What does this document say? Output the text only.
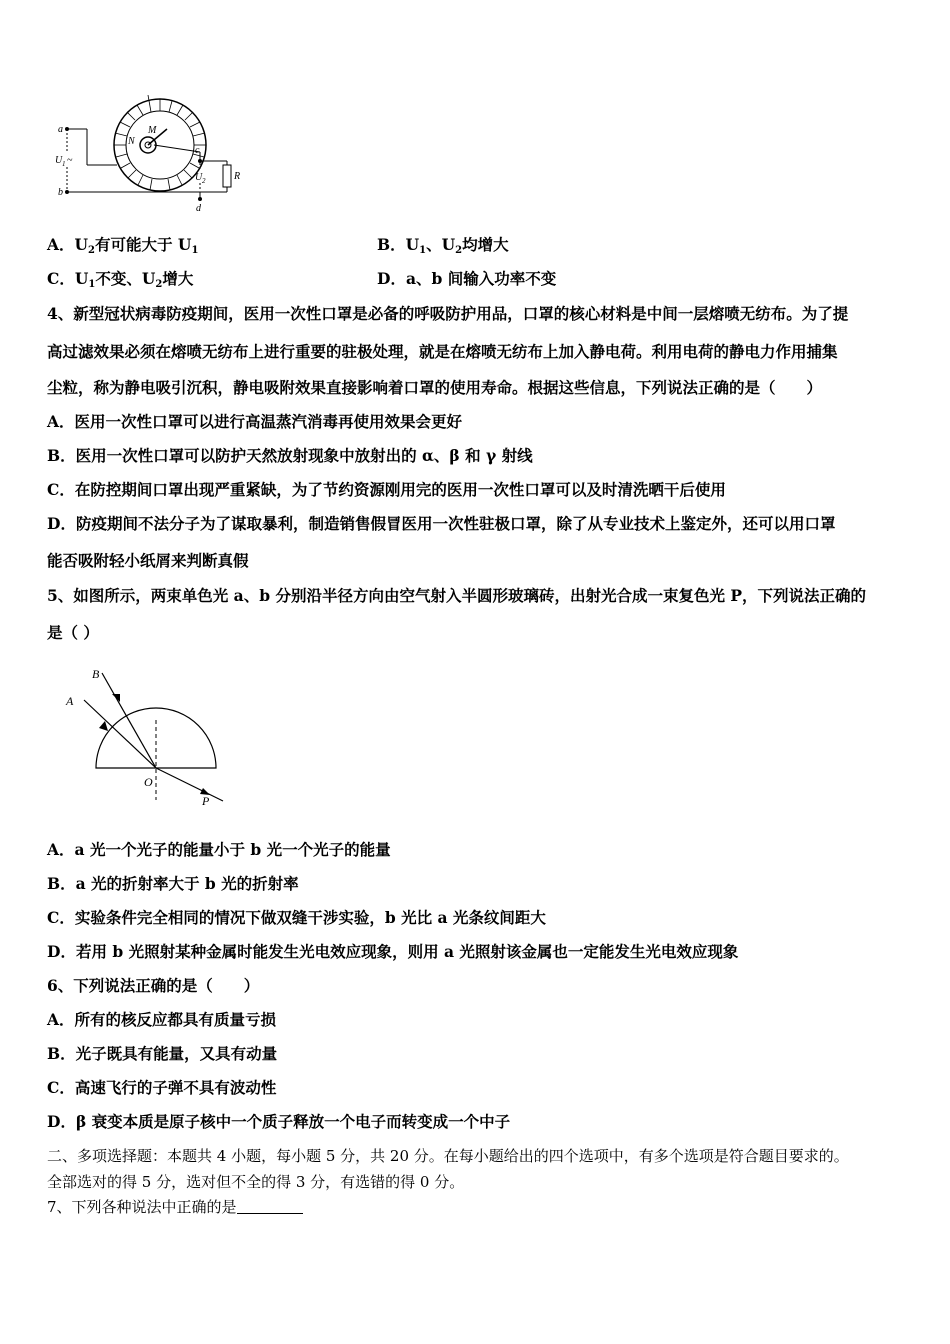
a
b
c
d
M
N
U 1 ~
U 2	R
A．$U_2$有可能大于 $U_1$	B．$U_1$、$U_2$均增大
C．$U_1$不变、$U_2$增大	D．a、b 间输入功率不变
4、新型冠状病毒防疫期间，医用一次性口罩是必备的呼吸防护用品，口罩的核心材料是中间一层熔喷无纺布。为了提
高过滤效果必须在熔喷无纺布上进行重要的驻极处理，就是在熔喷无纺布上加入静电荷。利用电荷的静电力作用捕集
尘粒，称为静电吸引沉积，静电吸附效果直接影响着口罩的使用寿命。根据这些信息，下列说法正确的是（　　）
A．医用一次性口罩可以进行高温蒸汽消毒再使用效果会更好
B．医用一次性口罩可以防护天然放射现象中放射出的 α、β 和 γ 射线
C．在防控期间口罩出现严重紧缺，为了节约资源刚用完的医用一次性口罩可以及时清洗晒干后使用
D．防疫期间不法分子为了谋取暴利，制造销售假冒医用一次性驻极口罩，除了从专业技术上鉴定外，还可以用口罩
能否吸附轻小纸屑来判断真假
5、如图所示，两束单色光 a、b 分别沿半径方向由空气射入半圆形玻璃砖，出射光合成一束复色光 P，下列说法正确的
是（ ）
B
A
O
P
A．a 光一个光子的能量小于 b 光一个光子的能量
B．a 光的折射率大于 b 光的折射率
C．实验条件完全相同的情况下做双缝干涉实验，b 光比 a 光条纹间距大
D．若用 b 光照射某种金属时能发生光电效应现象，则用 a 光照射该金属也一定能发生光电效应现象
6、下列说法正确的是（　　）
A．所有的核反应都具有质量亏损
B．光子既具有能量，又具有动量
C．高速飞行的子弹不具有波动性
D．β 衰变本质是原子核中一个质子释放一个电子而转变成一个中子
二、多项选择题：本题共 4 小题，每小题 5 分，共 20 分。在每小题给出的四个选项中，有多个选项是符合题目要求的。
全部选对的得 5 分，选对但不全的得 3 分，有选错的得 0 分。
7、下列各种说法中正确的是
